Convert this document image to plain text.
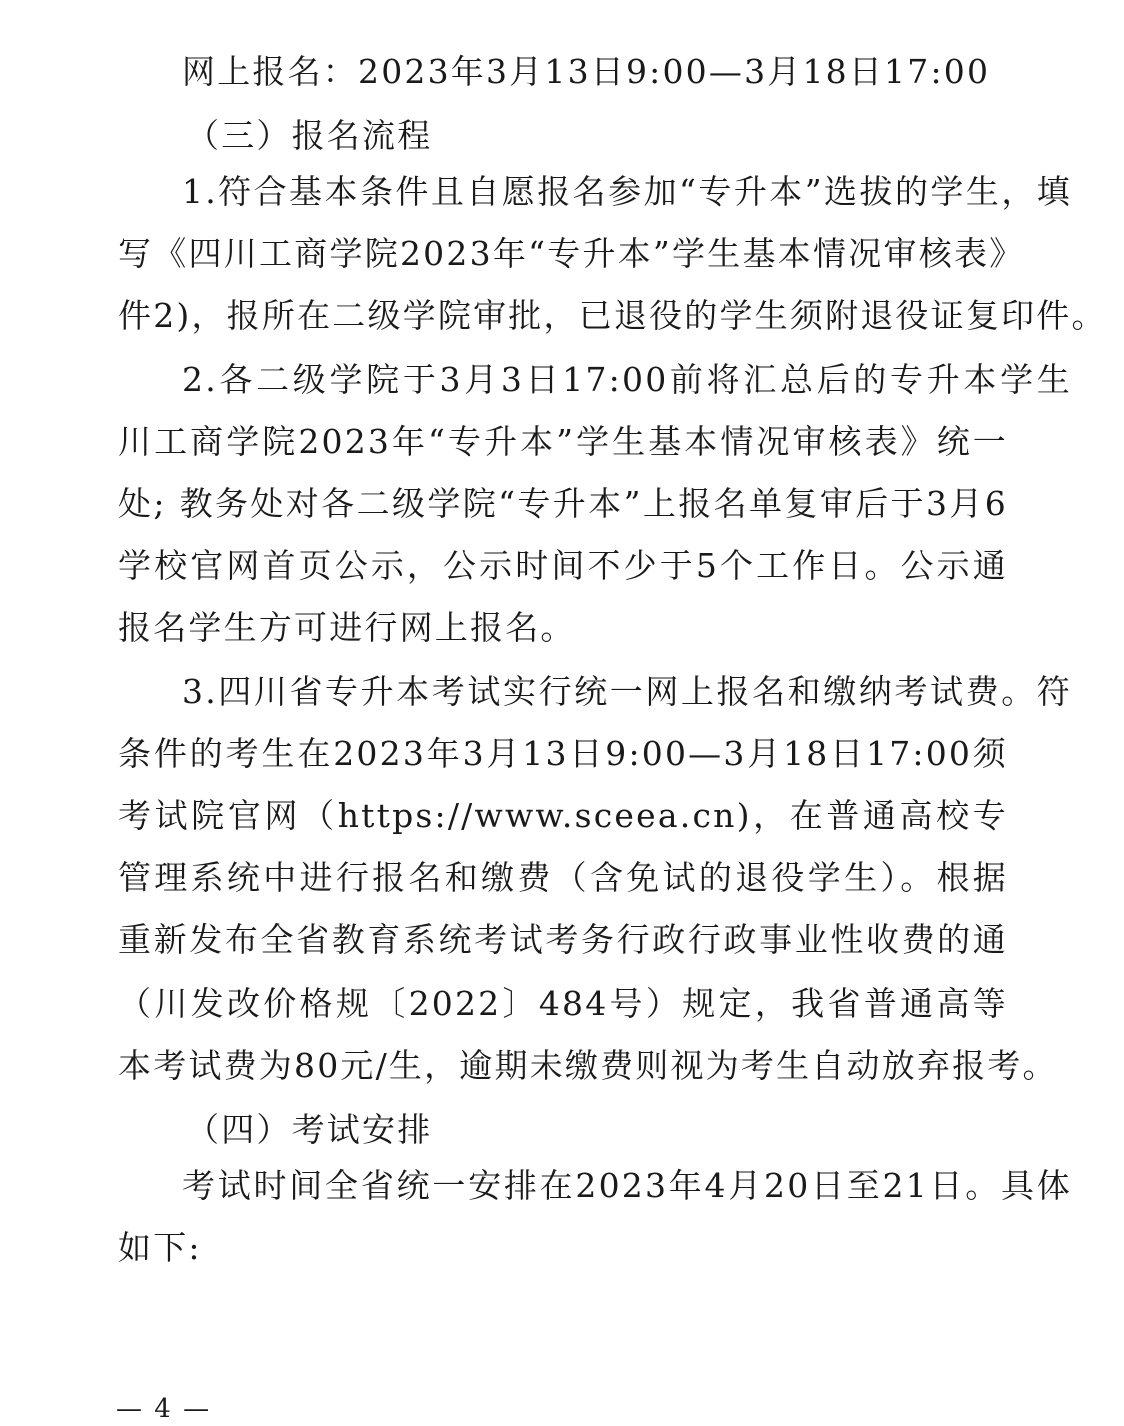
网上报名：2023年3月13日9:00—3月18日17:00
（三）报名流程
1.符合基本条件且自愿报名参加“专升本”选拔的学生，填
写《四川工商学院2023年“专升本”学生基本情况审核表》
件2)，报所在二级学院审批，已退役的学生须附退役证复印件。
2.各二级学院于3月3日17:00前将汇总后的专升本学生
川工商学院2023年“专升本”学生基本情况审核表》统一
处; 教务处对各二级学院“专升本”上报名单复审后于3月6
学校官网首页公示，公示时间不少于5个工作日。公示通
报名学生方可进行网上报名。
3.四川省专升本考试实行统一网上报名和缴纳考试费。符
条件的考生在2023年3月13日9:00—3月18日17:00须
考试院官网（https://www.sceea.cn)，在普通高校专
管理系统中进行报名和缴费（含免试的退役学生）。根据
重新发布全省教育系统考试考务行政行政事业性收费的通
（川发改价格规〔2022〕484号）规定，我省普通高等
本考试费为80元/生，逾期未缴费则视为考生自动放弃报考。
（四）考试安排
考试时间全省统一安排在2023年4月20日至21日。具体
如下:
— 4 —
